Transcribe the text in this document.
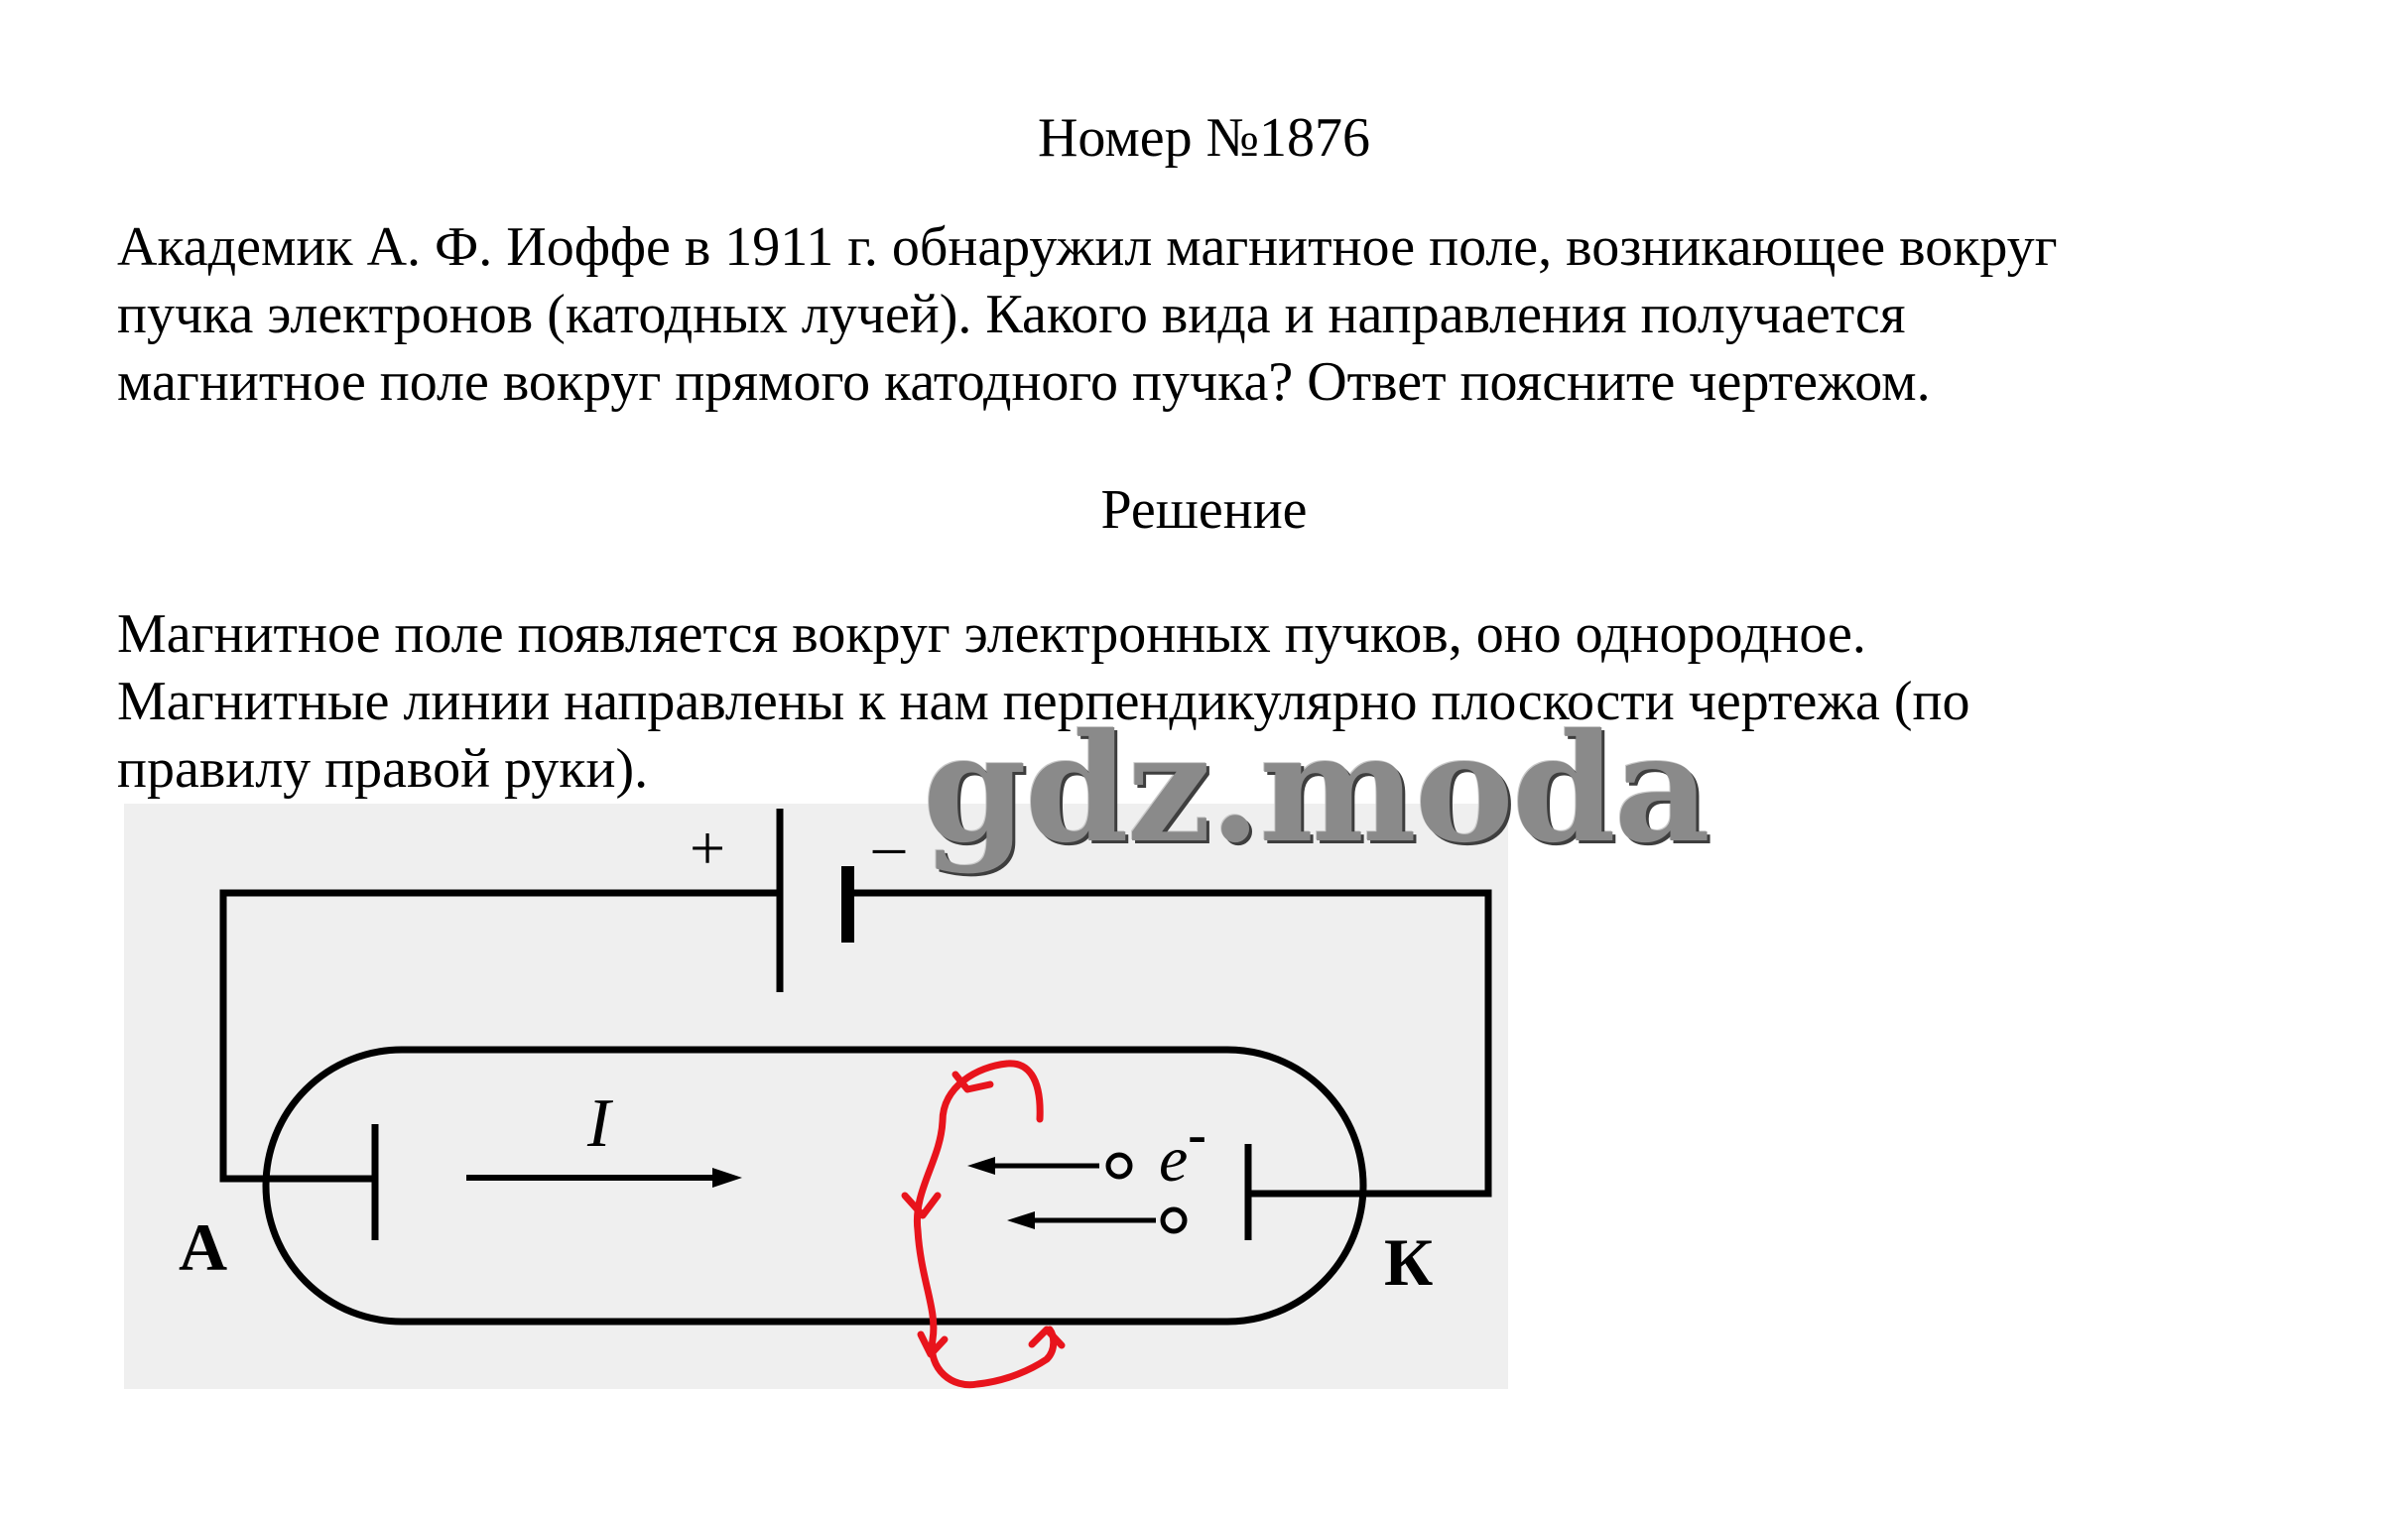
Номер №1876

Академик А. Ф. Иоффе в 1911 г. обнаружил магнитное поле, возникающее вокруг
пучка электронов (катодных лучей). Какого вида и направления получается
магнитное поле вокруг прямого катодного пучка? Ответ поясните чертежом.

Решение

Магнитное поле появляется вокруг электронных пучков, оно однородное.
Магнитные линии направлены к нам перпендикулярно плоскости чертежа (по
правилу правой руки).

+ –
I	e-
А	К
gdz.moda
